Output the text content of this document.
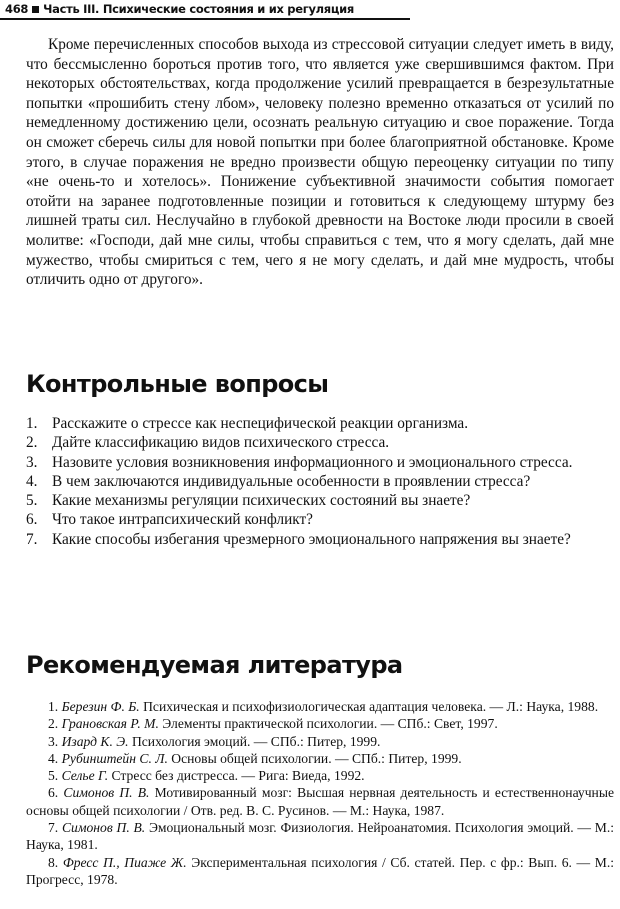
468 Часть III. Психические состояния и их регуляция

Кроме перечисленных способов выхода из стрессовой ситуации следует иметь в виду, что бессмысленно бороться против того, что является уже свершившимся фактом. При некоторых обстоятельствах, когда продолжение усилий превращается в безрезультатные попытки «прошибить стену лбом», человеку полезно временно отказаться от усилий по немедленному достижению цели, осознать реальную ситуацию и свое поражение. Тогда он сможет сберечь силы для новой попытки при более благоприятной обстановке. Кроме этого, в случае поражения не вредно произвести общую переоценку ситуации по типу «не очень-то и хотелось». Понижение субъективной значимости события помогает отойти на заранее подготовленные позиции и готовиться к следующему штурму без лишней траты сил. Неслучайно в глубокой древности на Востоке люди просили в своей молитве: «Господи, дай мне силы, чтобы справиться с тем, что я могу сделать, дай мне мужество, чтобы смириться с тем, чего я не могу сделать, и дай мне мудрость, чтобы отличить одно от другого».

Контрольные вопросы
1. Расскажите о стрессе как неспецифической реакции организма.
2. Дайте классификацию видов психического стресса.
3. Назовите условия возникновения информационного и эмоционального стресса.
4. В чем заключаются индивидуальные особенности в проявлении стресса?
5. Какие механизмы регуляции психических состояний вы знаете?
6. Что такое интрапсихический конфликт?
7. Какие способы избегания чрезмерного эмоционального напряжения вы знаете?
Рекомендуемая литература
1. Березин Ф. Б. Психическая и психофизиологическая адаптация человека. — Л.: Наука, 1988.
2. Грановская Р. М. Элементы практической психологии. — СПб.: Свет, 1997.
3. Изард К. Э. Психология эмоций. — СПб.: Питер, 1999.
4. Рубинштейн С. Л. Основы общей психологии. — СПб.: Питер, 1999.
5. Селье Г. Стресс без дистресса. — Рига: Виеда, 1992.
6. Симонов П. В. Мотивированный мозг: Высшая нервная деятельность и естественнонаучные основы общей психологии / Отв. ред. В. С. Русинов. — М.: Наука, 1987.
7. Симонов П. В. Эмоциональный мозг. Физиология. Нейроанатомия. Психология эмоций. — М.: Наука, 1981.
8. Фресс П., Пиаже Ж. Экспериментальная психология / Сб. статей. Пер. с фр.: Вып. 6. — М.: Прогресс, 1978.
